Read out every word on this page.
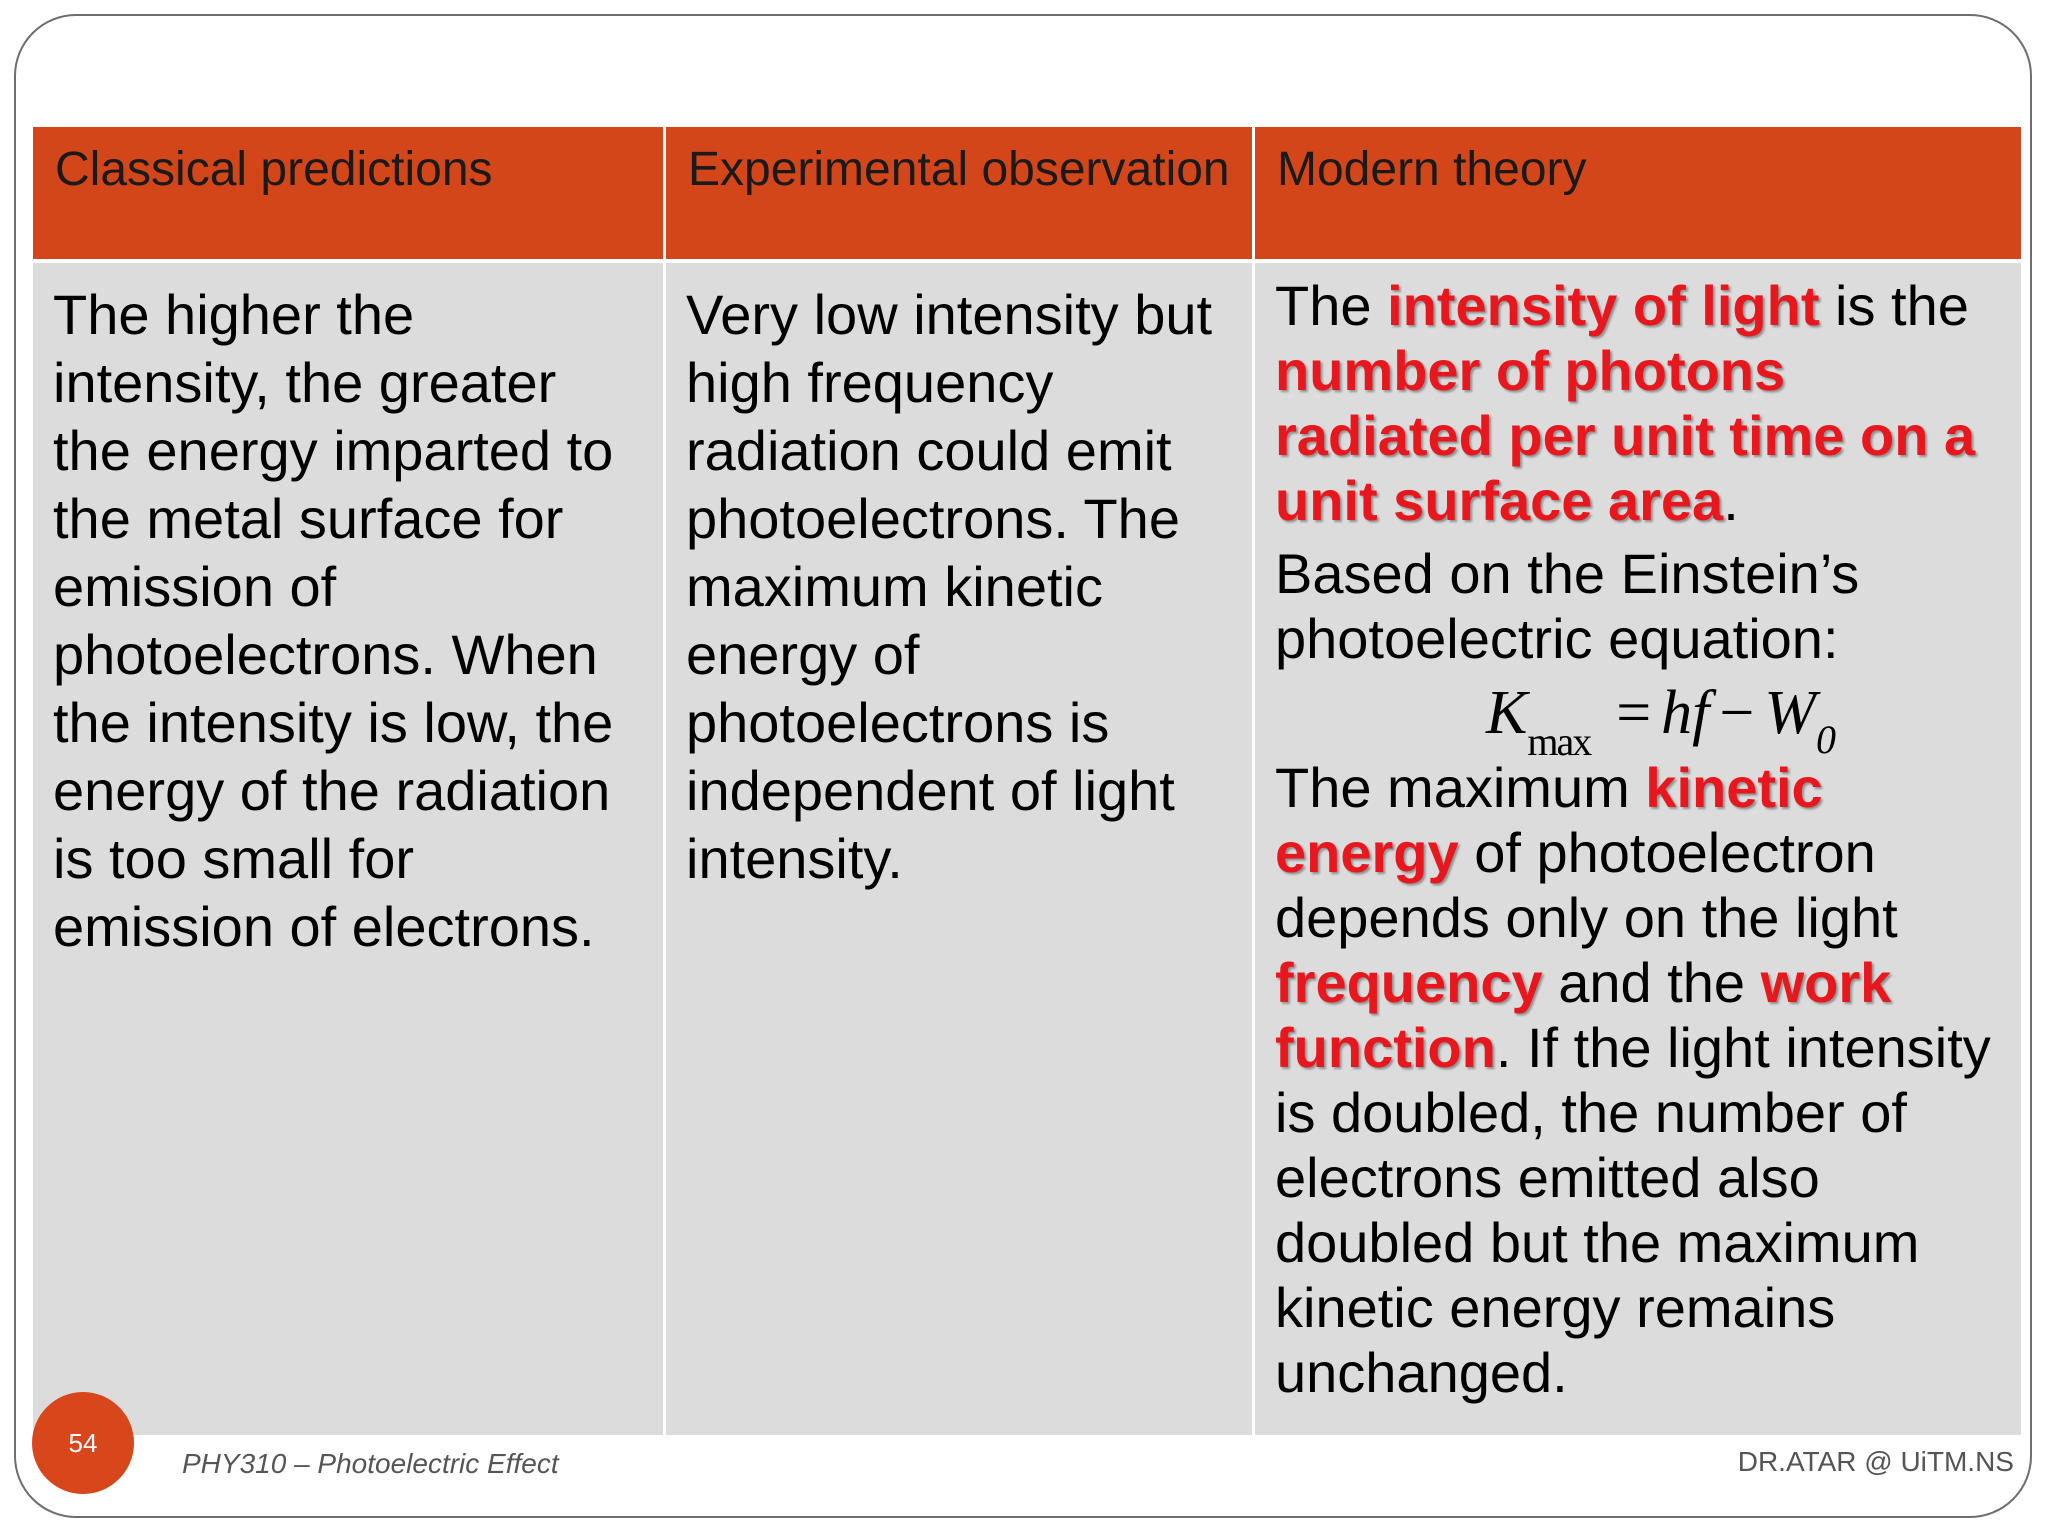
Classical predictions	Experimental observation Modern theory
The higher the intensity, the greater the energy imparted to the metal surface for emission of photoelectrons. When the intensity is low, the energy of the radiation is too small for emission of electrons.
Very low intensity but high frequency radiation could emit photoelectrons. The maximum kinetic energy of photoelectrons is independent of light intensity.

The intensity of light is the number of photons radiated per unit time on a unit surface area.

Based on the Einstein’s photoelectric equation:

$K_{max}$ = hf − $W_0$

The maximum kinetic energy of photoelectron depends only on the light frequency and the work function. If the light intensity is doubled, the number of electrons emitted also doubled but the maximum kinetic energy remains unchanged.

54
PHY310 – Photoelectric Effect	DR.ATAR @ UiTM.NS
